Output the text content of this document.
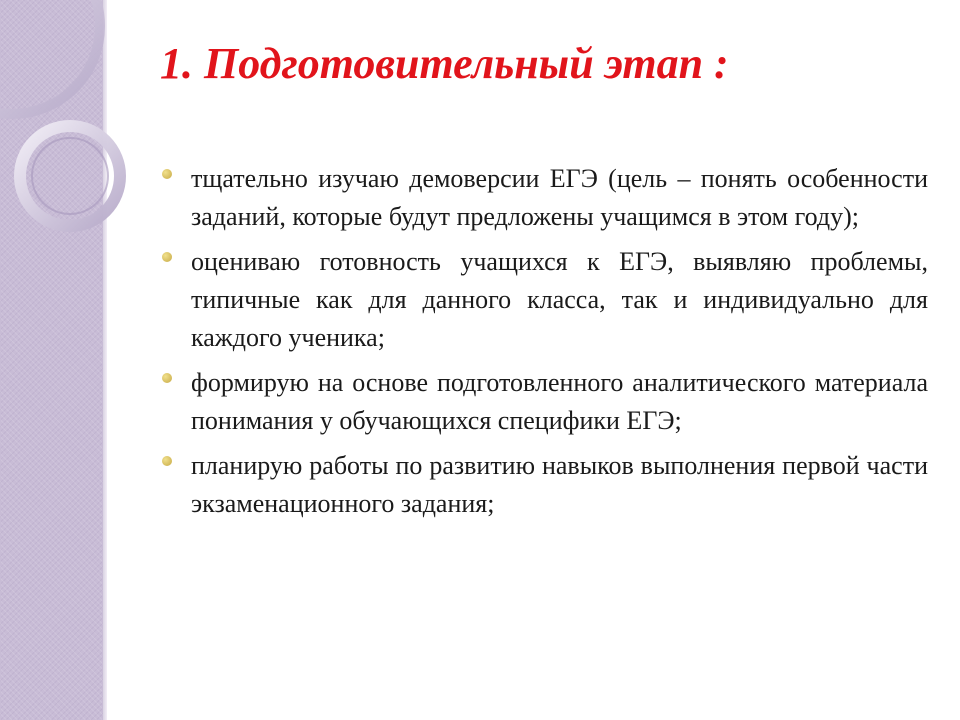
1. Подготовительный этап :
тщательно изучаю демоверсии ЕГЭ (цель – понять особенности заданий, которые будут предложены учащимся в этом году);
оцениваю готовность учащихся к ЕГЭ, выявляю проблемы, типичные как для данного класса, так и индивидуально для каждого ученика;
формирую на основе подготовленного аналитического материала понимания у обучающихся специфики ЕГЭ;
планирую работы по развитию навыков выполнения первой части экзаменационного задания;
